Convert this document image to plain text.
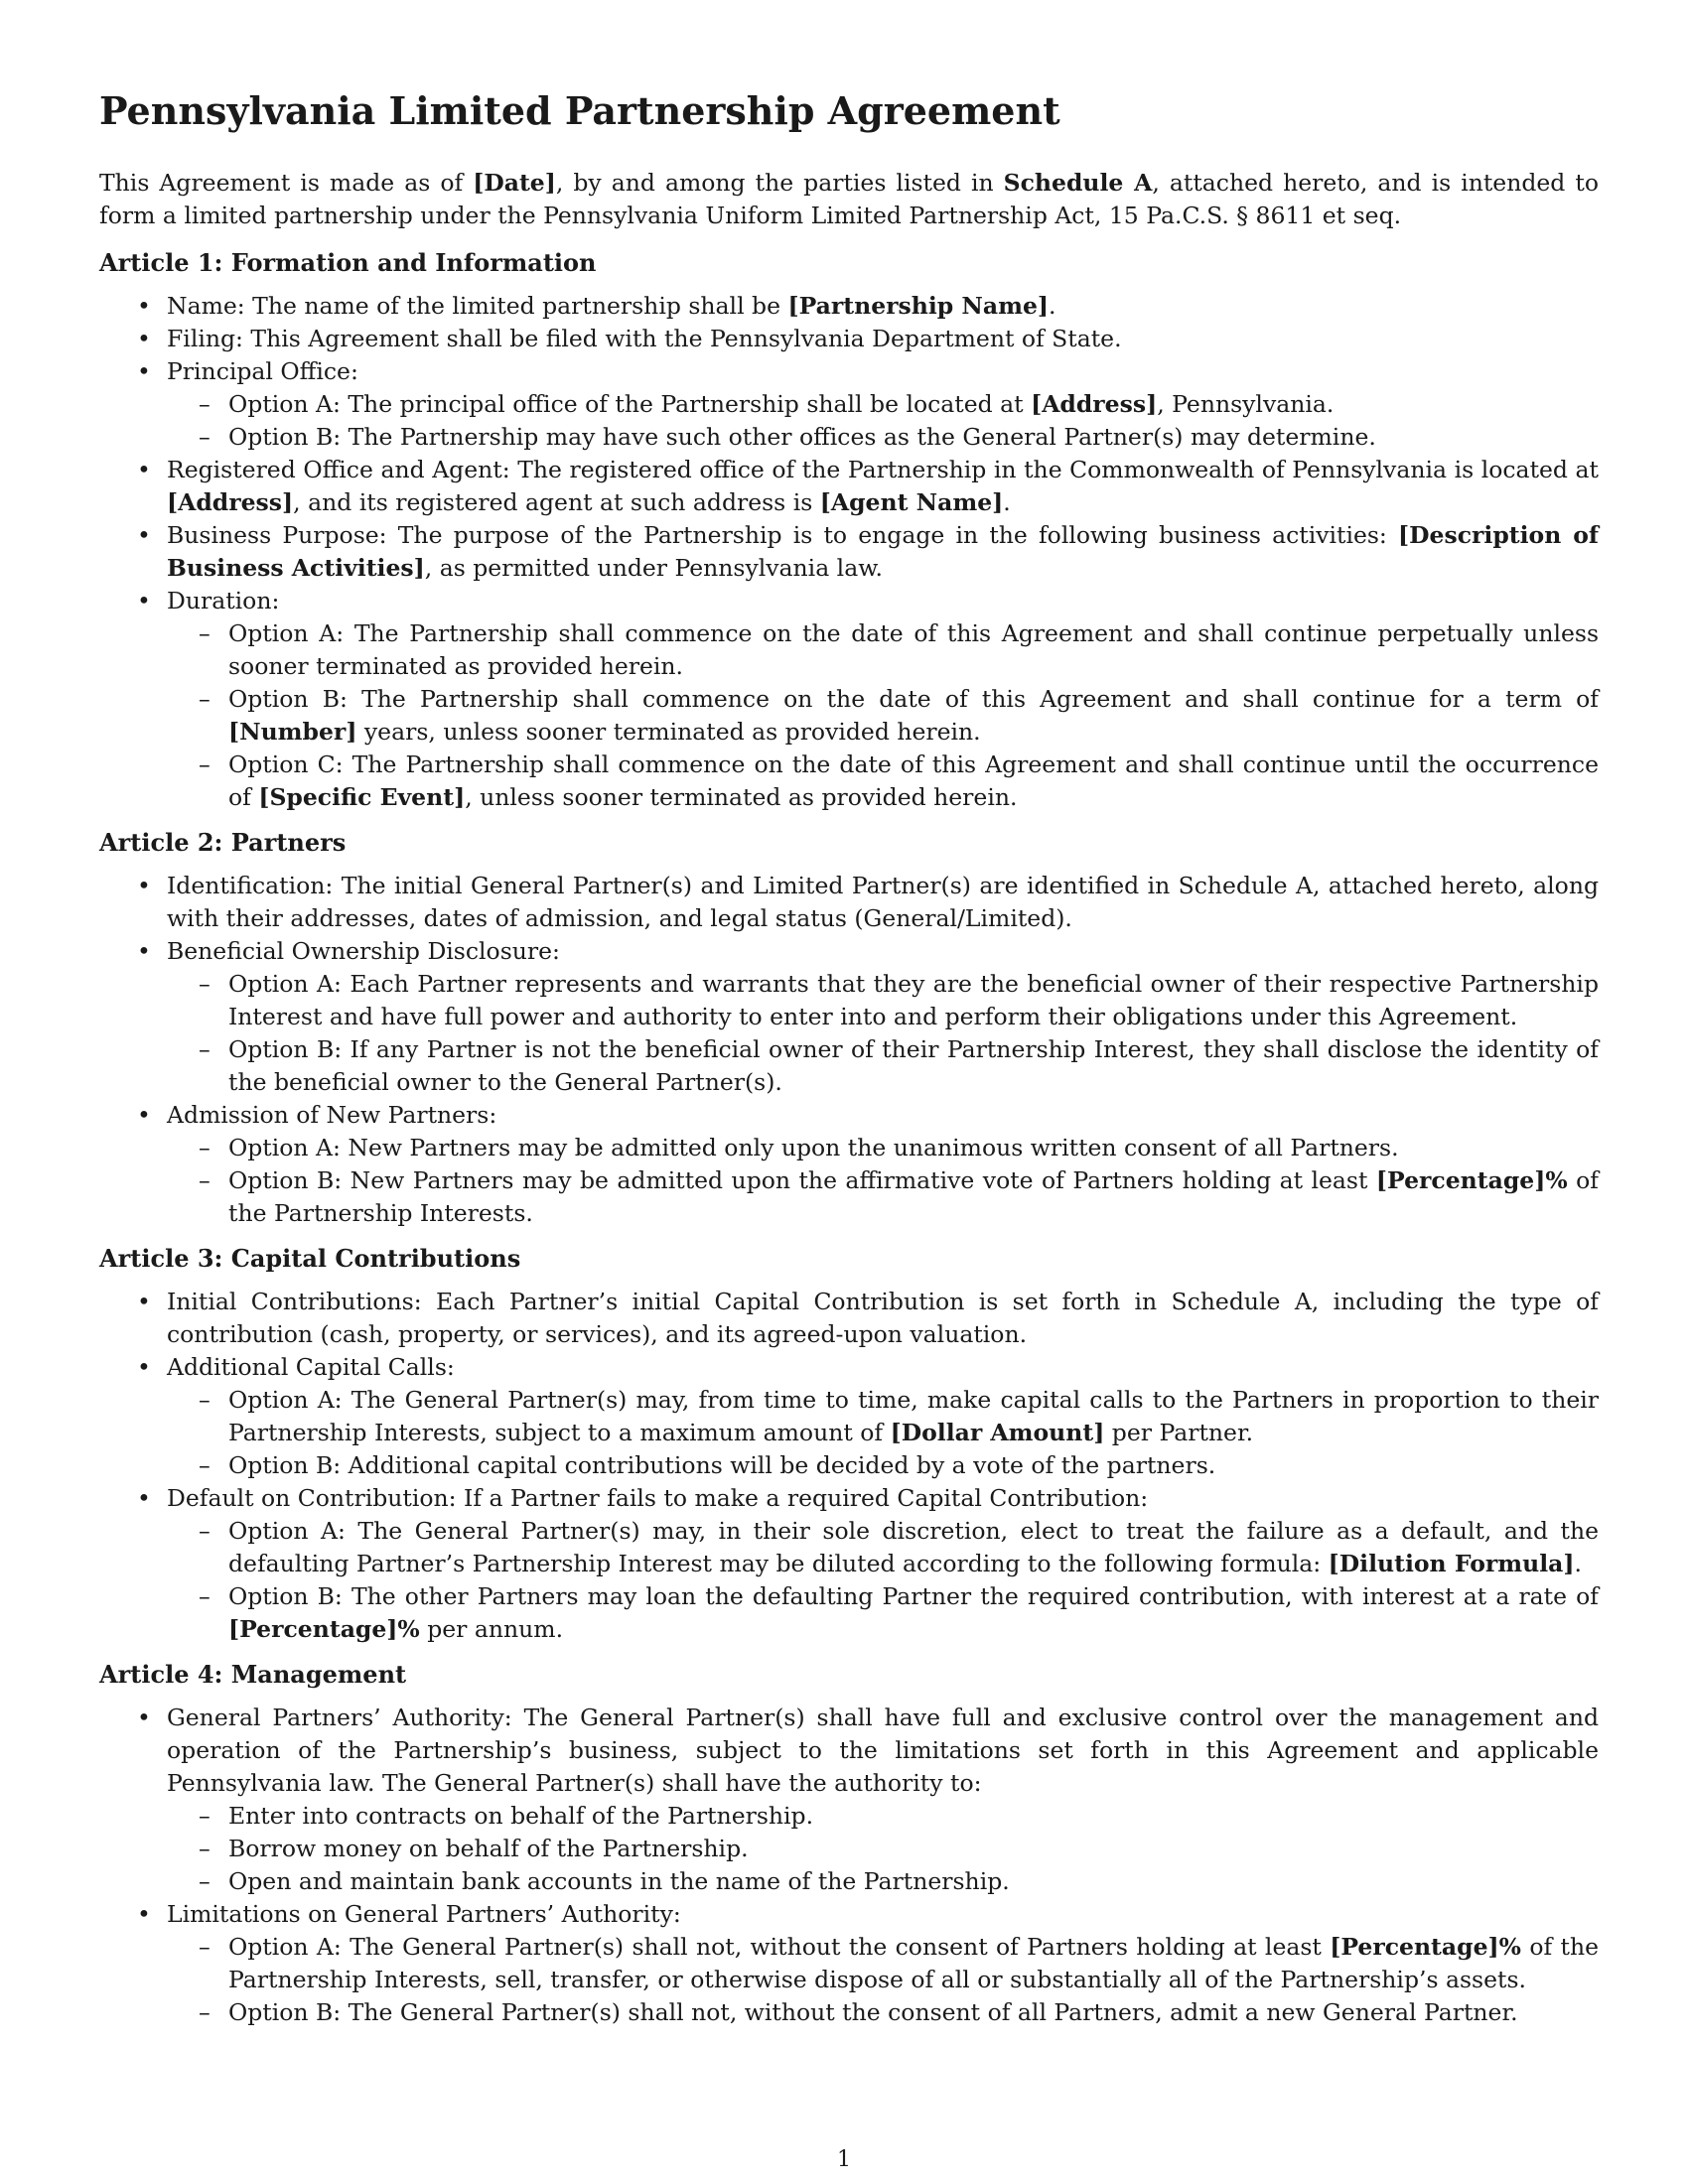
Pennsylvania Limited Partnership Agreement

This Agreement is made as of [Date], by and among the parties listed in Schedule A, attached hereto, and is intended to form a limited partnership under the Pennsylvania Uniform Limited Partnership Act, 15 Pa.C.S. § 8611 et seq.

Article 1: Formation and Information
• Name: The name of the limited partnership shall be [Partnership Name].
• Filing: This Agreement shall be filed with the Pennsylvania Department of State.
• Principal Office:
– Option A: The principal office of the Partnership shall be located at [Address], Pennsylvania.
– Option B: The Partnership may have such other offices as the General Partner(s) may determine.
• Registered Office and Agent: The registered office of the Partnership in the Commonwealth of Pennsylvania is located at [Address], and its registered agent at such address is [Agent Name].
• Business Purpose: The purpose of the Partnership is to engage in the following business activities: [Description of Business Activities], as permitted under Pennsylvania law.
• Duration:
– Option A: The Partnership shall commence on the date of this Agreement and shall continue perpetually unless sooner terminated as provided herein.
– Option B: The Partnership shall commence on the date of this Agreement and shall continue for a term of [Number] years, unless sooner terminated as provided herein.
– Option C: The Partnership shall commence on the date of this Agreement and shall continue until the occurrence of [Specific Event], unless sooner terminated as provided herein.
Article 2: Partners
• Identification: The initial General Partner(s) and Limited Partner(s) are identified in Schedule A, attached hereto, along with their addresses, dates of admission, and legal status (General/Limited).
• Beneficial Ownership Disclosure:
– Option A: Each Partner represents and warrants that they are the beneficial owner of their respective Partnership Interest and have full power and authority to enter into and perform their obligations under this Agreement.
– Option B: If any Partner is not the beneficial owner of their Partnership Interest, they shall disclose the identity of the beneficial owner to the General Partner(s).
• Admission of New Partners:
– Option A: New Partners may be admitted only upon the unanimous written consent of all Partners.
– Option B: New Partners may be admitted upon the affirmative vote of Partners holding at least [Percentage]% of the Partnership Interests.
Article 3: Capital Contributions
• Initial Contributions: Each Partner’s initial Capital Contribution is set forth in Schedule A, including the type of contribution (cash, property, or services), and its agreed-upon valuation.
• Additional Capital Calls:
– Option A: The General Partner(s) may, from time to time, make capital calls to the Partners in proportion to their Partnership Interests, subject to a maximum amount of [Dollar Amount] per Partner.
– Option B: Additional capital contributions will be decided by a vote of the partners.
• Default on Contribution: If a Partner fails to make a required Capital Contribution:
– Option A: The General Partner(s) may, in their sole discretion, elect to treat the failure as a default, and the defaulting Partner’s Partnership Interest may be diluted according to the following formula: [Dilution Formula].
– Option B: The other Partners may loan the defaulting Partner the required contribution, with interest at a rate of [Percentage]% per annum.
Article 4: Management
• General Partners’ Authority: The General Partner(s) shall have full and exclusive control over the management and operation of the Partnership’s business, subject to the limitations set forth in this Agreement and applicable Pennsylvania law. The General Partner(s) shall have the authority to:
– Enter into contracts on behalf of the Partnership.
– Borrow money on behalf of the Partnership.
– Open and maintain bank accounts in the name of the Partnership.
• Limitations on General Partners’ Authority:
– Option A: The General Partner(s) shall not, without the consent of Partners holding at least [Percentage]% of the Partnership Interests, sell, transfer, or otherwise dispose of all or substantially all of the Partnership’s assets.
– Option B: The General Partner(s) shall not, without the consent of all Partners, admit a new General Partner.
1
